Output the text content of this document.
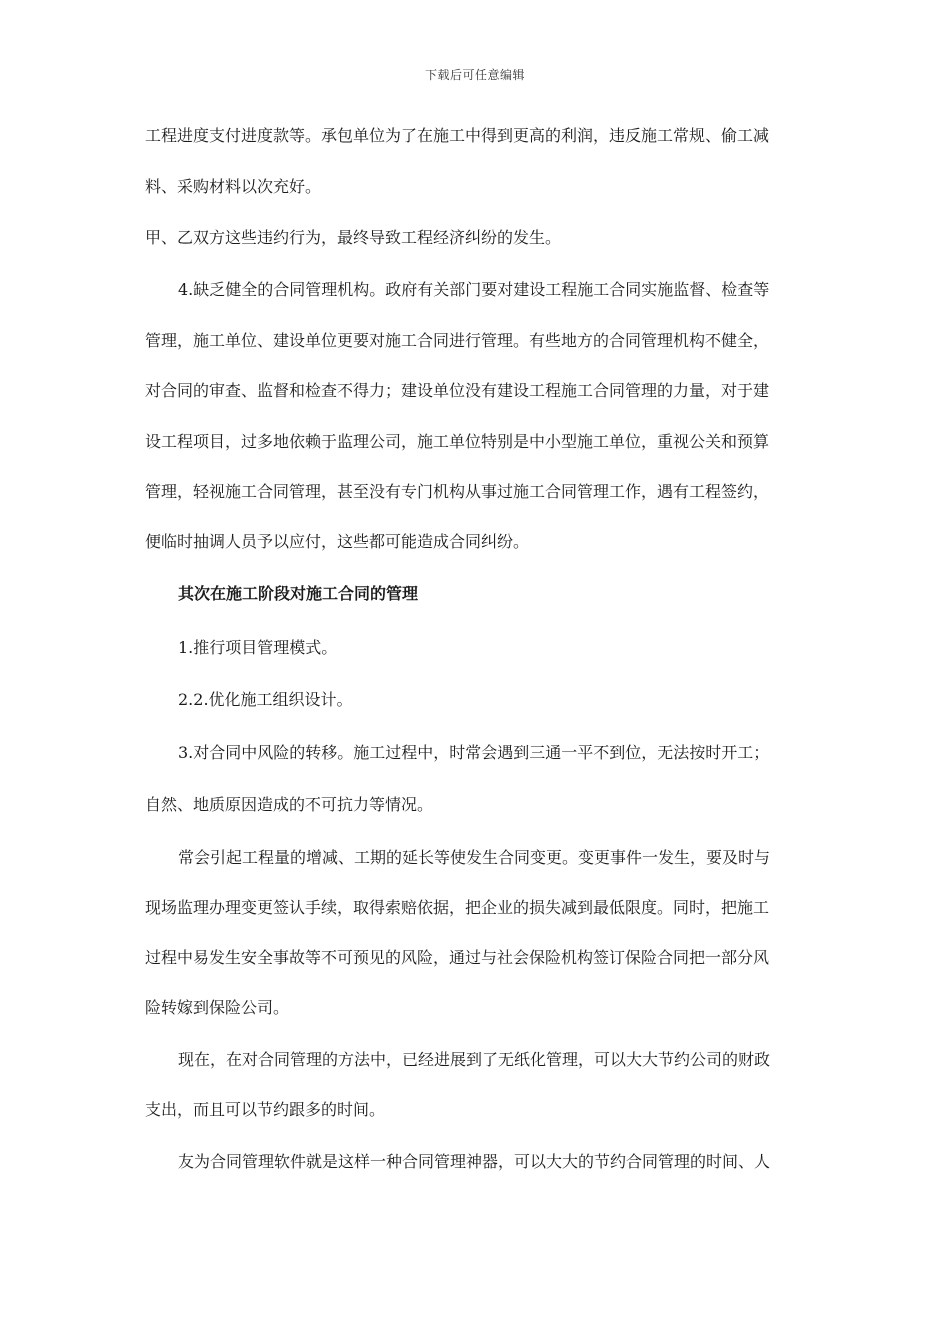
下载后可任意编辑
工程进度支付进度款等。承包单位为了在施工中得到更高的利润，违反施工常规、偷工减
料、采购材料以次充好。
甲、乙双方这些违约行为，最终导致工程经济纠纷的发生。
4.缺乏健全的合同管理机构。政府有关部门要对建设工程施工合同实施监督、检查等
管理，施工单位、建设单位更要对施工合同进行管理。有些地方的合同管理机构不健全，
对合同的审查、监督和检查不得力；建设单位没有建设工程施工合同管理的力量，对于建
设工程项目，过多地依赖于监理公司，施工单位特别是中小型施工单位，重视公关和预算
管理，轻视施工合同管理，甚至没有专门机构从事过施工合同管理工作，遇有工程签约，
便临时抽调人员予以应付，这些都可能造成合同纠纷。
其次在施工阶段对施工合同的管理
1.推行项目管理模式。
2.2.优化施工组织设计。
3.对合同中风险的转移。施工过程中，时常会遇到三通一平不到位，无法按时开工；
自然、地质原因造成的不可抗力等情况。
常会引起工程量的增减、工期的延长等使发生合同变更。变更事件一发生，要及时与
现场监理办理变更签认手续，取得索赔依据，把企业的损失减到最低限度。同时，把施工
过程中易发生安全事故等不可预见的风险，通过与社会保险机构签订保险合同把一部分风
险转嫁到保险公司。
现在，在对合同管理的方法中，已经进展到了无纸化管理，可以大大节约公司的财政
支出，而且可以节约跟多的时间。
友为合同管理软件就是这样一种合同管理神器，可以大大的节约合同管理的时间、人
